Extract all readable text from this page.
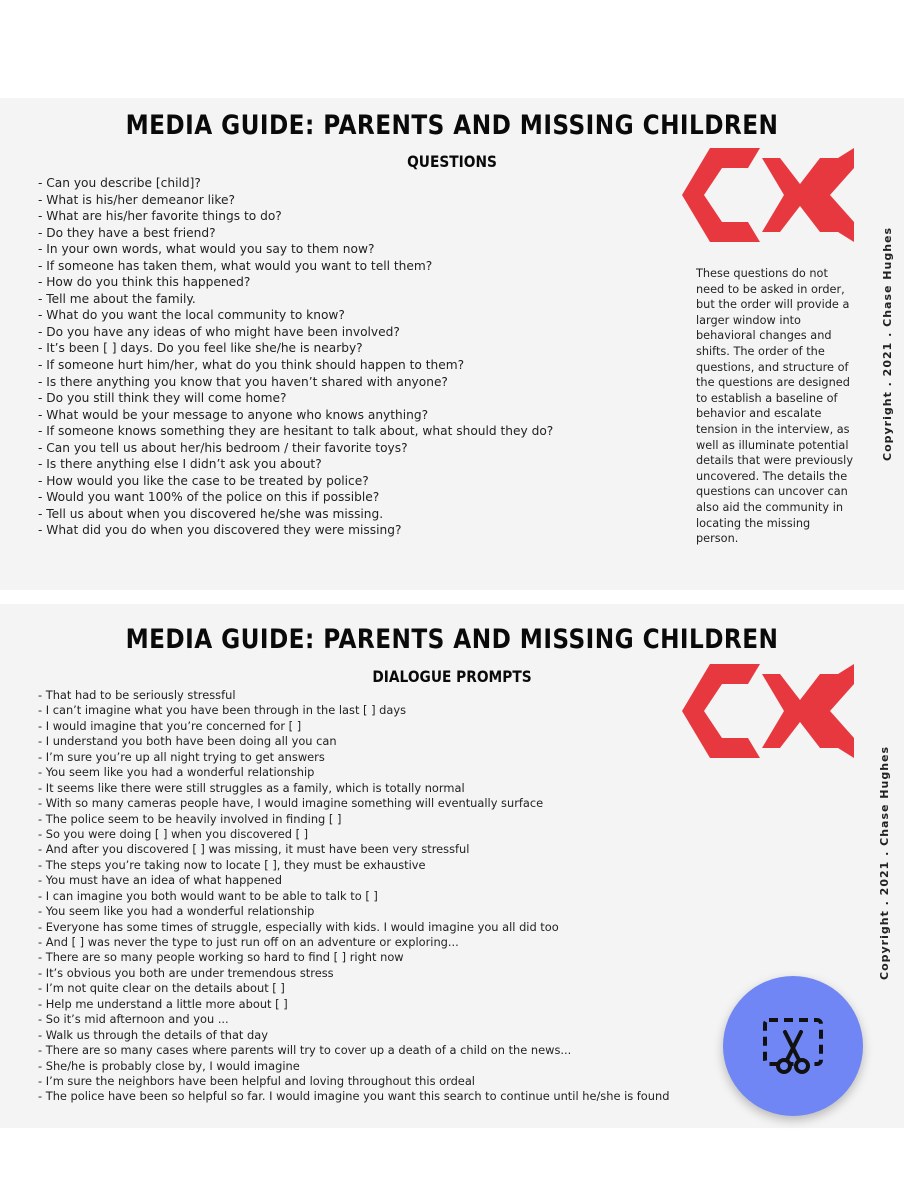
MEDIA GUIDE: PARENTS AND MISSING CHILDREN
QUESTIONS
- Can you describe [child]?
- What is his/her demeanor like?
- What are his/her favorite things to do?
- Do they have a best friend?
- In your own words, what would you say to them now?
- If someone has taken them, what would you want to tell them?
- How do you think this happened?
- Tell me about the family.
- What do you want the local community to know?
- Do you have any ideas of who might have been involved?
- It’s been [ ] days. Do you feel like she/he is nearby?
- If someone hurt him/her, what do you think should happen to them?
- Is there anything you know that you haven’t shared with anyone?
- Do you still think they will come home?
- What would be your message to anyone who knows anything?
- If someone knows something they are hesitant to talk about, what should they do?
- Can you tell us about her/his bedroom / their favorite toys?
- Is there anything else I didn’t ask you about?
- How would you like the case to be treated by police?
- Would you want 100% of the police on this if possible?
- Tell us about when you discovered he/she was missing.
- What did you do when you discovered they were missing?

These questions do not need to be asked in order, but the order will provide a larger window into behavioral changes and shifts. The order of the questions, and structure of the questions are designed to establish a baseline of behavior and escalate tension in the interview, as well as illuminate potential details that were previously uncovered. The details the questions can uncover can also aid the community in locating the missing person.

Copyright . 2021 . Chase Hughes
MEDIA GUIDE: PARENTS AND MISSING CHILDREN
DIALOGUE PROMPTS
- That had to be seriously stressful
- I can’t imagine what you have been through in the last [ ] days
- I would imagine that you’re concerned for [ ]
- I understand you both have been doing all you can
- I’m sure you’re up all night trying to get answers
- You seem like you had a wonderful relationship
- It seems like there were still struggles as a family, which is totally normal
- With so many cameras people have, I would imagine something will eventually surface
- The police seem to be heavily involved in finding [ ]
- So you were doing [ ] when you discovered [ ]
- And after you discovered [ ] was missing, it must have been very stressful
- The steps you’re taking now to locate [ ], they must be exhaustive
- You must have an idea of what happened
- I can imagine you both would want to be able to talk to [ ]
- You seem like you had a wonderful relationship
- Everyone has some times of struggle, especially with kids. I would imagine you all did too
- And [ ] was never the type to just run off on an adventure or exploring...
- There are so many people working so hard to find [ ] right now
- It’s obvious you both are under tremendous stress
- I’m not quite clear on the details about [ ]
- Help me understand a little more about [ ]
- So it’s mid afternoon and you ...
- Walk us through the details of that day
- There are so many cases where parents will try to cover up a death of a child on the news...
- She/he is probably close by, I would imagine
- I’m sure the neighbors have been helpful and loving throughout this ordeal
- The police have been so helpful so far. I would imagine you want this search to continue until he/she is found
Copyright . 2021 . Chase Hughes
